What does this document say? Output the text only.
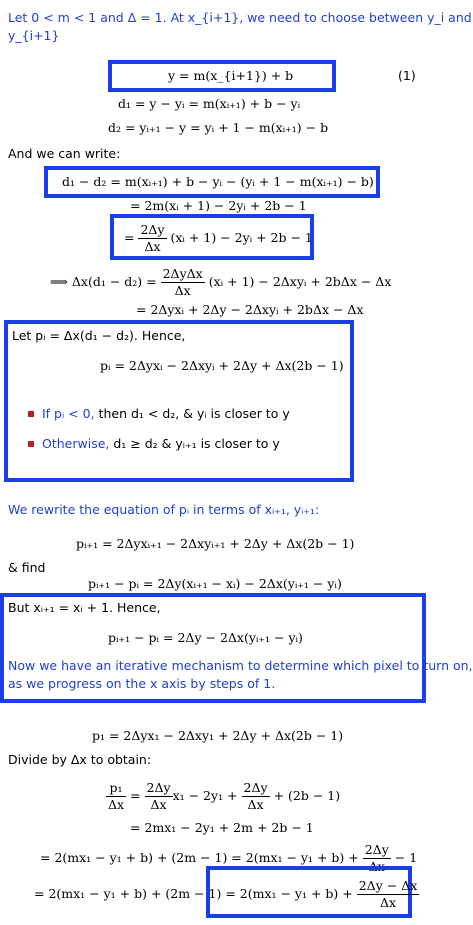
Let 0 < m < 1 and Δ = 1. At x_{i+1}, we need to choose between y_i and
y_{i+1}
y = m(x_{i+1}) + b	(1)
d₁ = y − yᵢ = m(xᵢ₊₁) + b − yᵢ
d₂ = yᵢ₊₁ − y = yᵢ + 1 − m(xᵢ₊₁) − b
And we can write:
d₁ − d₂ = m(xᵢ₊₁) + b − yᵢ − (yᵢ + 1 − m(xᵢ₊₁) − b)
= 2m(xᵢ + 1) − 2yᵢ + 2b − 1
= $\frac{2\Delta y}{\Delta x}$ (xᵢ + 1) − 2yᵢ + 2b − 1
⟹ $\Delta x(d_1 - d_2) = \frac{\text{2ΔyΔx}}{\Delta x}$ (xᵢ + 1) − 2Δxyᵢ + 2bΔx − Δx
= 2Δyxᵢ + 2Δy − 2Δxyᵢ + 2bΔx − Δx
Let pᵢ = Δx(d₁ − d₂). Hence,
pᵢ = 2Δyxᵢ − 2Δxyᵢ + 2Δy + Δx(2b − 1)
If pᵢ < 0, then d₁ < d₂, & yᵢ is closer to y
Otherwise, d₁ ≥ d₂ & yᵢ₊₁ is closer to y
We rewrite the equation of pᵢ in terms of xᵢ₊₁, yᵢ₊₁:
pᵢ₊₁ = 2Δyxᵢ₊₁ − 2Δxyᵢ₊₁ + 2Δy + Δx(2b − 1)
& find
pᵢ₊₁ − pᵢ = 2Δy(xᵢ₊₁ − xᵢ) − 2Δx(yᵢ₊₁ − yᵢ)
But xᵢ₊₁ = xᵢ + 1. Hence,
pᵢ₊₁ − pᵢ = 2Δy − 2Δx(yᵢ₊₁ − yᵢ)
Now we have an iterative mechanism to determine which pixel to turn on,
as we progress on the x axis by steps of 1.
p₁ = 2Δyx₁ − 2Δxy₁ + 2Δy + Δx(2b − 1)
Divide by Δx to obtain:
$\frac{\text{p₁}}{\Delta x} = \frac{2\Delta y}{\Delta x} x_1 - 2y_1 + \frac{2\Delta y}{\Delta x} + (2b - 1)$
= 2mx₁ − 2y₁ + 2m + 2b − 1
= $2(mx_1 - y_1 + b) + (2m - 1) = 2(mx_1 - y_1 + b) + \frac{2\Delta y}{\Delta x} - 1$
= $2(mx_1 - y_1 + b) + (2m - 1) = 2(mx_1 - y_1 + b) + \frac{2\Delta y - \Delta x}{\Delta x}$
